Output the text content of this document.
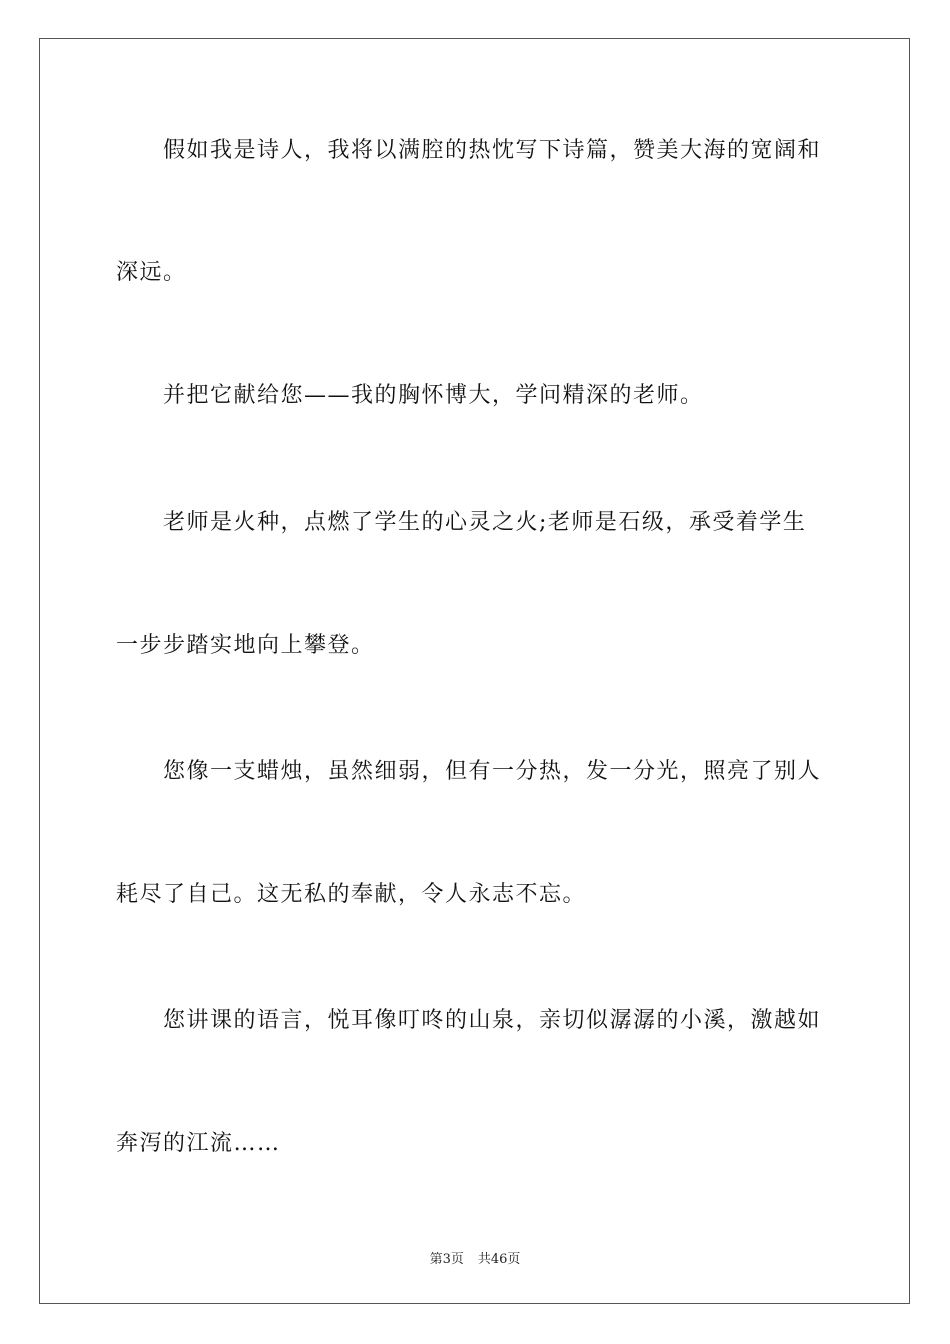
假如我是诗人，我将以满腔的热忱写下诗篇，赞美大海的宽阔和
深远。
并把它献给您——我的胸怀博大，学问精深的老师。
老师是火种，点燃了学生的心灵之火;老师是石级，承受着学生
一步步踏实地向上攀登。
您像一支蜡烛，虽然细弱，但有一分热，发一分光，照亮了别人
耗尽了自己。这无私的奉献，令人永志不忘。
您讲课的语言，悦耳像叮咚的山泉，亲切似潺潺的小溪，激越如
奔泻的江流……
第3页 共46页
